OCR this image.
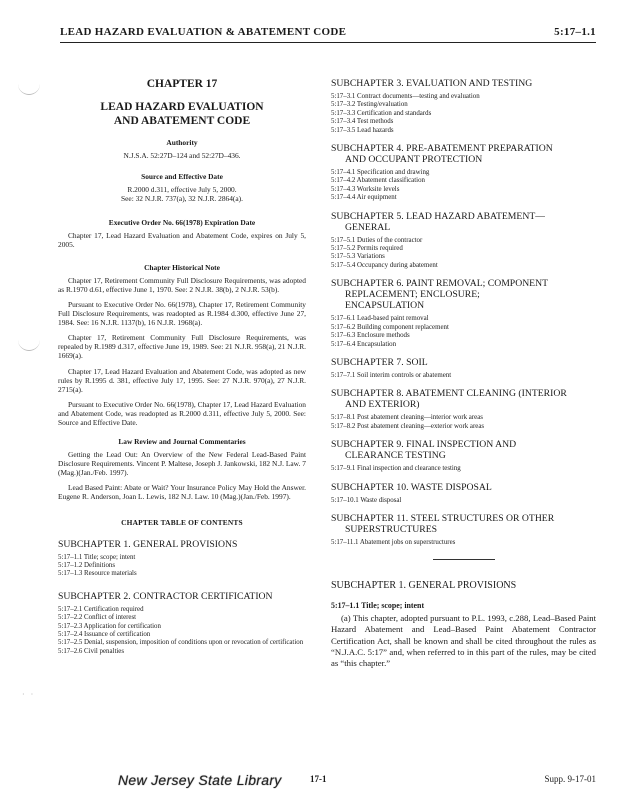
LEAD HAZARD EVALUATION & ABATEMENT CODE	5:17–1.1
· ·
CHAPTER 17
LEAD HAZARD EVALUATION
AND ABATEMENT CODE
Authority
N.J.S.A. 52:27D–124 and 52:27D–436.
Source and Effective Date
R.2000 d.311, effective July 5, 2000.
See: 32 N.J.R. 737(a), 32 N.J.R. 2864(a).
Executive Order No. 66(1978) Expiration Date
Chapter 17, Lead Hazard Evaluation and Abatement Code, expires on July 5, 2005.
Chapter Historical Note
Chapter 17, Retirement Community Full Disclosure Requirements, was adopted as R.1970 d.61, effective June 1, 1970. See: 2 N.J.R. 38(b), 2 N.J.R. 53(b).
Pursuant to Executive Order No. 66(1978), Chapter 17, Retirement Community Full Disclosure Requirements, was readopted as R.1984 d.300, effective June 27, 1984. See: 16 N.J.R. 1137(b), 16 N.J.R. 1968(a).
Chapter 17, Retirement Community Full Disclosure Requirements, was repealed by R.1989 d.317, effective June 19, 1989. See: 21 N.J.R. 958(a), 21 N.J.R. 1669(a).
Chapter 17, Lead Hazard Evaluation and Abatement Code, was adopted as new rules by R.1995 d. 381, effective July 17, 1995. See: 27 N.J.R. 970(a), 27 N.J.R. 2715(a).
Pursuant to Executive Order No. 66(1978), Chapter 17, Lead Hazard Evaluation and Abatement Code, was readopted as R.2000 d.311, effective July 5, 2000. See: Source and Effective Date.
Law Review and Journal Commentaries
Getting the Lead Out: An Overview of the New Federal Lead-Based Paint Disclosure Requirements. Vincent P. Maltese, Joseph J. Jankowski, 182 N.J. Law. 7 (Mag.)(Jan./Feb. 1997).
Lead Based Paint: Abate or Wait? Your Insurance Policy May Hold the Answer. Eugene R. Anderson, Joan L. Lewis, 182 N.J. Law. 10 (Mag.)(Jan./Feb. 1997).
CHAPTER TABLE OF CONTENTS
SUBCHAPTER 1. GENERAL PROVISIONS
5:17–1.1 Title; scope; intent
5:17–1.2 Definitions
5:17–1.3 Resource materials
SUBCHAPTER 2. CONTRACTOR CERTIFICATION
5:17–2.1 Certification required
5:17–2.2 Conflict of interest
5:17–2.3 Application for certification
5:17–2.4 Issuance of certification
5:17–2.5 Denial, suspension, imposition of conditions upon or revocation of certification
5:17–2.6 Civil penalties
SUBCHAPTER 3. EVALUATION AND TESTING
5:17–3.1 Contract documents—testing and evaluation
5:17–3.2 Testing/evaluation
5:17–3.3 Certification and standards
5:17–3.4 Test methods
5:17–3.5 Lead hazards
SUBCHAPTER 4. PRE-ABATEMENT PREPARATION
AND OCCUPANT PROTECTION
5:17–4.1 Specification and drawing
5:17–4.2 Abatement classification
5:17–4.3 Worksite levels
5:17–4.4 Air equipment
SUBCHAPTER 5. LEAD HAZARD ABATEMENT—
GENERAL
5:17–5.1 Duties of the contractor
5:17–5.2 Permits required
5:17–5.3 Variations
5:17–5.4 Occupancy during abatement
SUBCHAPTER 6. PAINT REMOVAL; COMPONENT
REPLACEMENT; ENCLOSURE;
ENCAPSULATION
5:17–6.1 Lead-based paint removal
5:17–6.2 Building component replacement
5:17–6.3 Enclosure methods
5:17–6.4 Encapsulation
SUBCHAPTER 7. SOIL
5:17–7.1 Soil interim controls or abatement
SUBCHAPTER 8. ABATEMENT CLEANING (INTERIOR
AND EXTERIOR)
5:17–8.1 Post abatement cleaning—interior work areas
5:17–8.2 Post abatement cleaning—exterior work areas
SUBCHAPTER 9. FINAL INSPECTION AND
CLEARANCE TESTING
5:17–9.1 Final inspection and clearance testing
SUBCHAPTER 10. WASTE DISPOSAL
5:17–10.1 Waste disposal
SUBCHAPTER 11. STEEL STRUCTURES OR OTHER
SUPERSTRUCTURES
5:17–11.1 Abatement jobs on superstructures
SUBCHAPTER 1. GENERAL PROVISIONS
5:17–1.1 Title; scope; intent
(a) This chapter, adopted pursuant to P.L. 1993, c.288, Lead–Based Paint Hazard Abatement and Lead–Based Paint Abatement Contractor Certification Act, shall be known and shall be cited throughout the rules as “N.J.A.C. 5:17” and, when referred to in this part of the rules, may be cited as “this chapter.”
New Jersey State Library	17-1	Supp. 9-17-01
